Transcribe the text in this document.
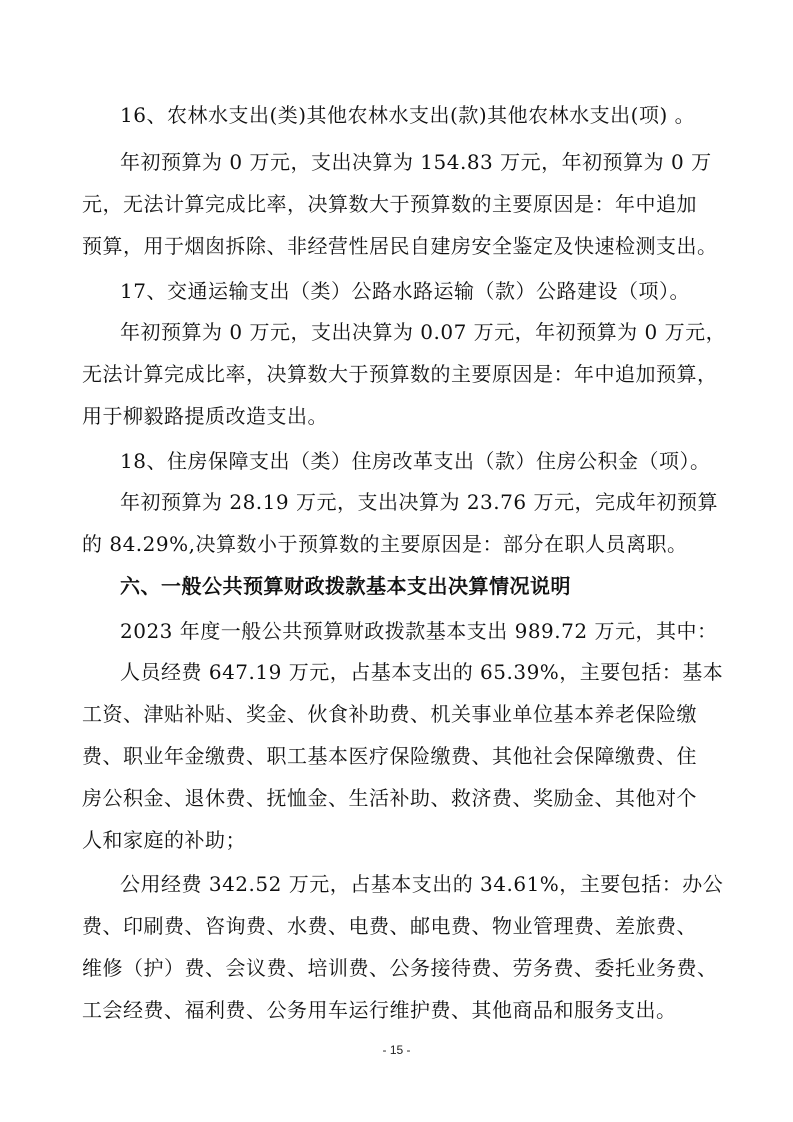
16、农林水支出(类)其他农林水支出(款)其他农林水支出(项) 。
年初预算为 0 万元，支出决算为 154.83 万元，年初预算为 0 万
元，无法计算完成比率，决算数大于预算数的主要原因是：年中追加
预算，用于烟囱拆除、非经营性居民自建房安全鉴定及快速检测支出。
17、交通运输支出（类）公路水路运输（款）公路建设（项）。
年初预算为 0 万元，支出决算为 0.07 万元，年初预算为 0 万元，
无法计算完成比率，决算数大于预算数的主要原因是：年中追加预算，
用于柳毅路提质改造支出。
18、住房保障支出（类）住房改革支出（款）住房公积金（项）。
年初预算为 28.19 万元，支出决算为 23.76 万元，完成年初预算
的 84.29%,决算数小于预算数的主要原因是：部分在职人员离职。
六、一般公共预算财政拨款基本支出决算情况说明
2023 年度一般公共预算财政拨款基本支出 989.72 万元，其中：
人员经费 647.19 万元，占基本支出的 65.39%，主要包括：基本
工资、津贴补贴、奖金、伙食补助费、机关事业单位基本养老保险缴
费、职业年金缴费、职工基本医疗保险缴费、其他社会保障缴费、住
房公积金、退休费、抚恤金、生活补助、救济费、奖励金、其他对个
人和家庭的补助；
公用经费 342.52 万元，占基本支出的 34.61%，主要包括：办公
费、印刷费、咨询费、水费、电费、邮电费、物业管理费、差旅费、
维修（护）费、会议费、培训费、公务接待费、劳务费、委托业务费、
工会经费、福利费、公务用车运行维护费、其他商品和服务支出。
- 15 -
